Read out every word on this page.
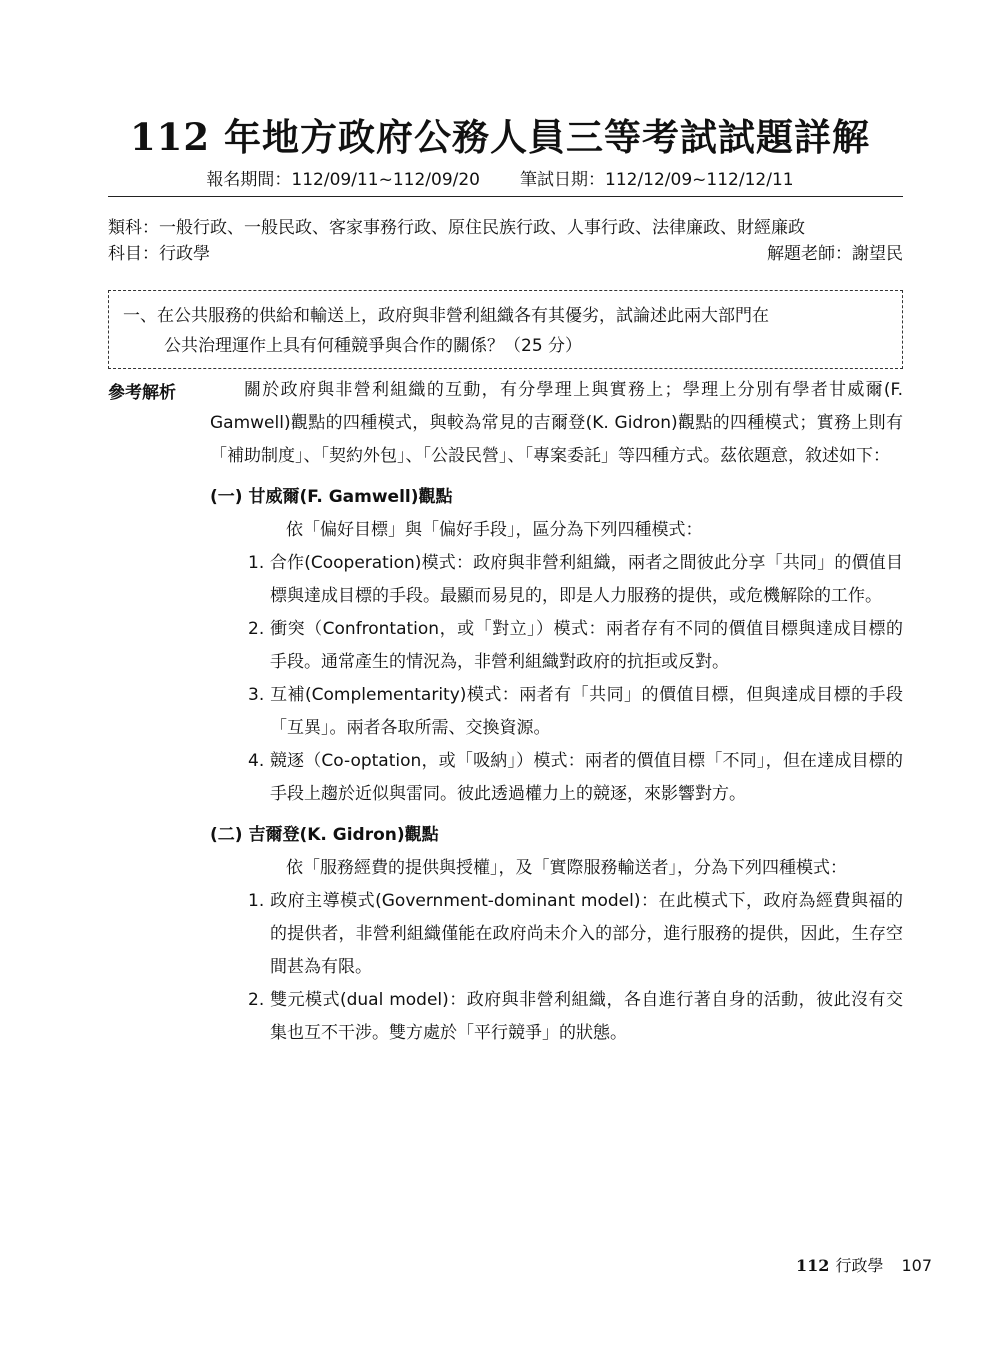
112 年地方政府公務人員三等考試試題詳解
報名期間：112/09/11~112/09/20 筆試日期：112/12/09~112/12/11
類科：一般行政、一般民政、客家事務行政、原住民族行政、人事行政、法律廉政、財經廉政
科目：行政學	解題老師：謝望民
一、在公共服務的供給和輸送上，政府與非營利組織各有其優劣，試論述此兩大部門在
公共治理運作上具有何種競爭與合作的關係？（25 分）
參考解析	關於政府與非營利組織的互動，有分學理上與實務上；學理上分別有學者甘威爾(F. Gamwell)觀點的四種模式，與較為常見的吉爾登(K. Gidron)觀點的四種模式；實務上則有「補助制度」、「契約外包」、「公設民營」、「專案委託」等四種方式。茲依題意，敘述如下：

(一) 甘威爾(F. Gamwell)觀點

依「偏好目標」與「偏好手段」，區分為下列四種模式：

1. 合作(Cooperation)模式：政府與非營利組織，兩者之間彼此分享「共同」的價值目標與達成目標的手段。最顯而易見的，即是人力服務的提供，或危機解除的工作。

2. 衝突（Confrontation，或「對立」）模式：兩者存有不同的價值目標與達成目標的手段。通常產生的情況為，非營利組織對政府的抗拒或反對。

3. 互補(Complementarity)模式：兩者有「共同」的價值目標，但與達成目標的手段「互異」。兩者各取所需、交換資源。

4. 競逐（Co-optation，或「吸納」）模式：兩者的價值目標「不同」，但在達成目標的手段上趨於近似與雷同。彼此透過權力上的競逐，來影響對方。

(二) 吉爾登(K. Gidron)觀點

依「服務經費的提供與授權」，及「實際服務輸送者」，分為下列四種模式：

1. 政府主導模式(Government-dominant model)：在此模式下，政府為經費與福的的提供者，非營利組織僅能在政府尚未介入的部分，進行服務的提供，因此，生存空間甚為有限。

2. 雙元模式(dual model)：政府與非營利組織，各自進行著自身的活動，彼此沒有交集也互不干涉。雙方處於「平行競爭」的狀態。

112 行政學 107
